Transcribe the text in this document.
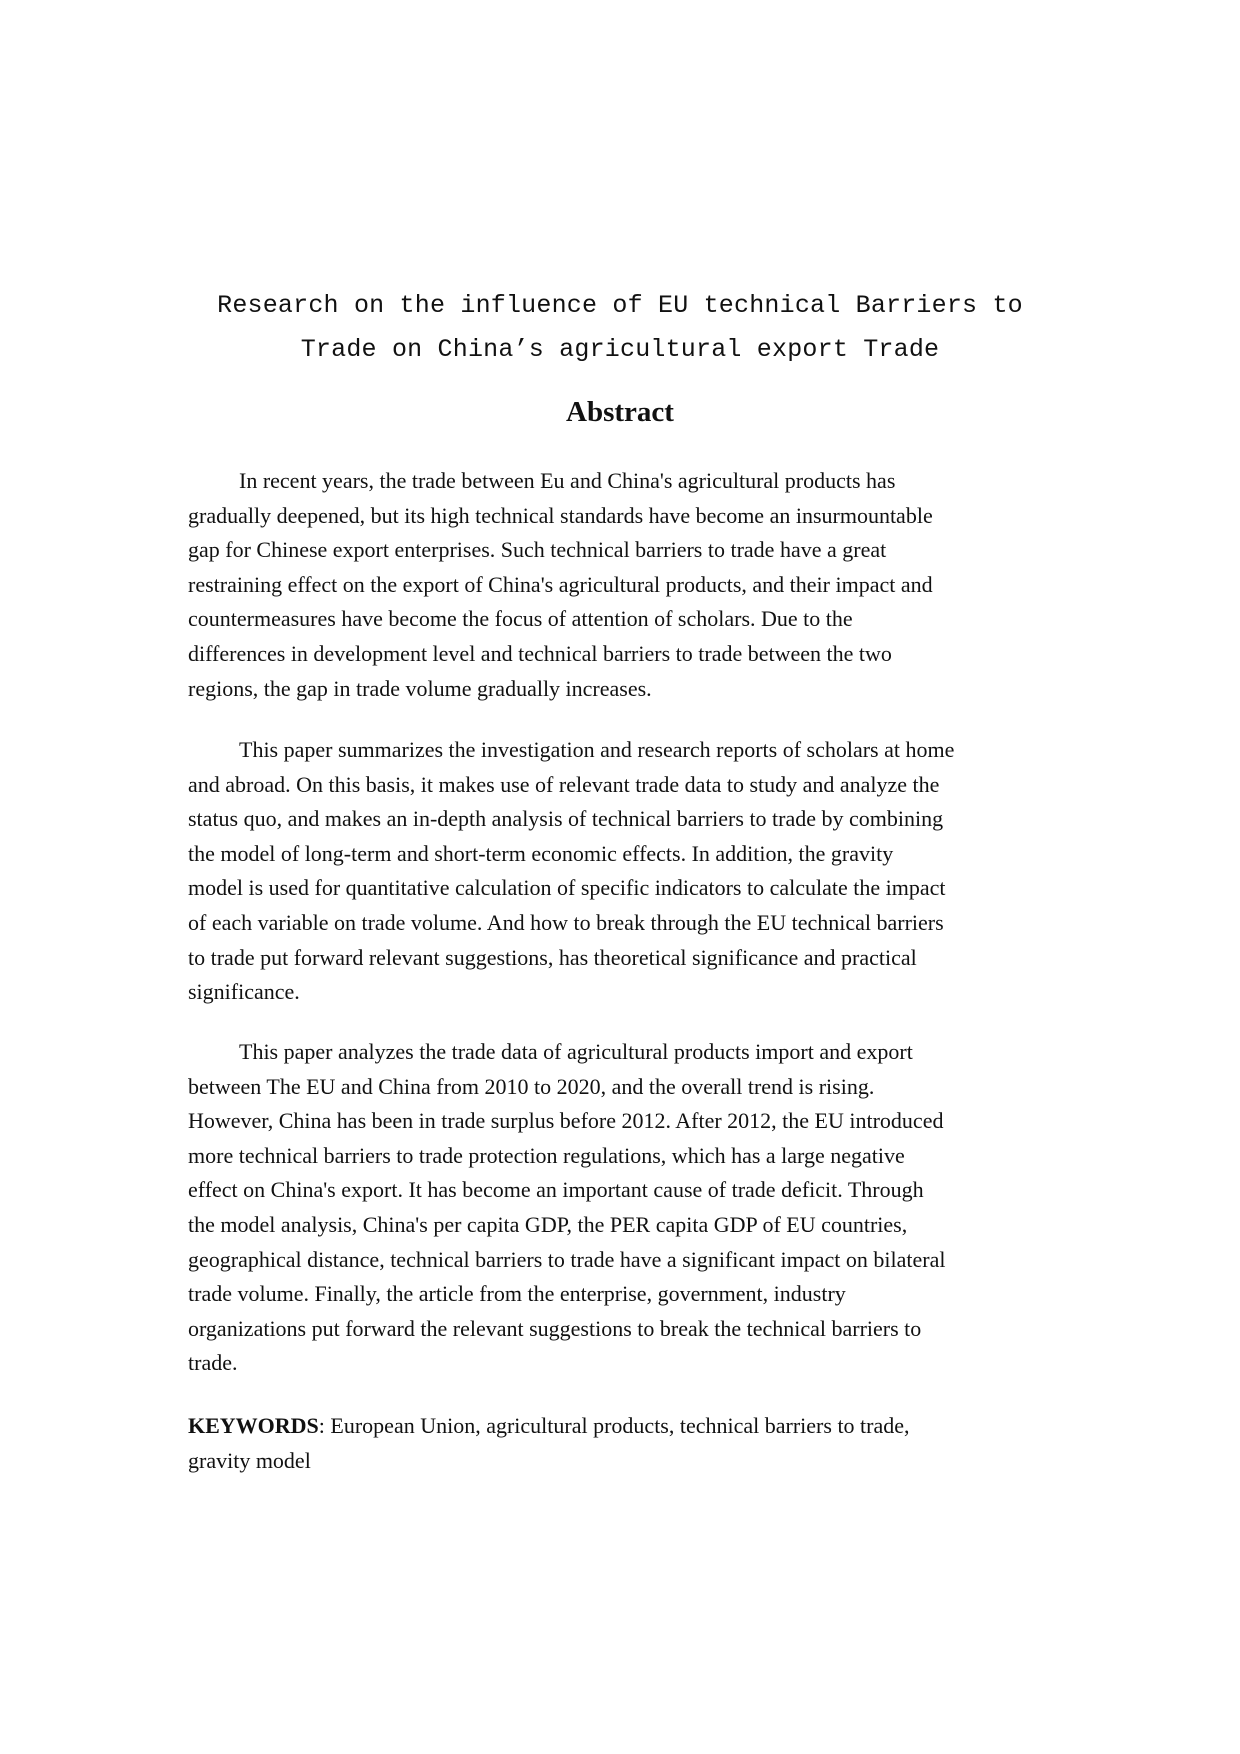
Research on the influence of EU technical Barriers to
Trade on China’s agricultural export Trade
Abstract
In recent years, the trade between Eu and China's agricultural products has
gradually deepened, but its high technical standards have become an insurmountable
gap for Chinese export enterprises. Such technical barriers to trade have a great
restraining effect on the export of China's agricultural products, and their impact and
countermeasures have become the focus of attention of scholars. Due to the
differences in development level and technical barriers to trade between the two
regions, the gap in trade volume gradually increases.
This paper summarizes the investigation and research reports of scholars at home
and abroad. On this basis, it makes use of relevant trade data to study and analyze the
status quo, and makes an in-depth analysis of technical barriers to trade by combining
the model of long-term and short-term economic effects. In addition, the gravity
model is used for quantitative calculation of specific indicators to calculate the impact
of each variable on trade volume. And how to break through the EU technical barriers
to trade put forward relevant suggestions, has theoretical significance and practical
significance.
This paper analyzes the trade data of agricultural products import and export
between The EU and China from 2010 to 2020, and the overall trend is rising.
However, China has been in trade surplus before 2012. After 2012, the EU introduced
more technical barriers to trade protection regulations, which has a large negative
effect on China's export. It has become an important cause of trade deficit. Through
the model analysis, China's per capita GDP, the PER capita GDP of EU countries,
geographical distance, technical barriers to trade have a significant impact on bilateral
trade volume. Finally, the article from the enterprise, government, industry
organizations put forward the relevant suggestions to break the technical barriers to
trade.
KEYWORDS: European Union, agricultural products, technical barriers to trade,
gravity model
